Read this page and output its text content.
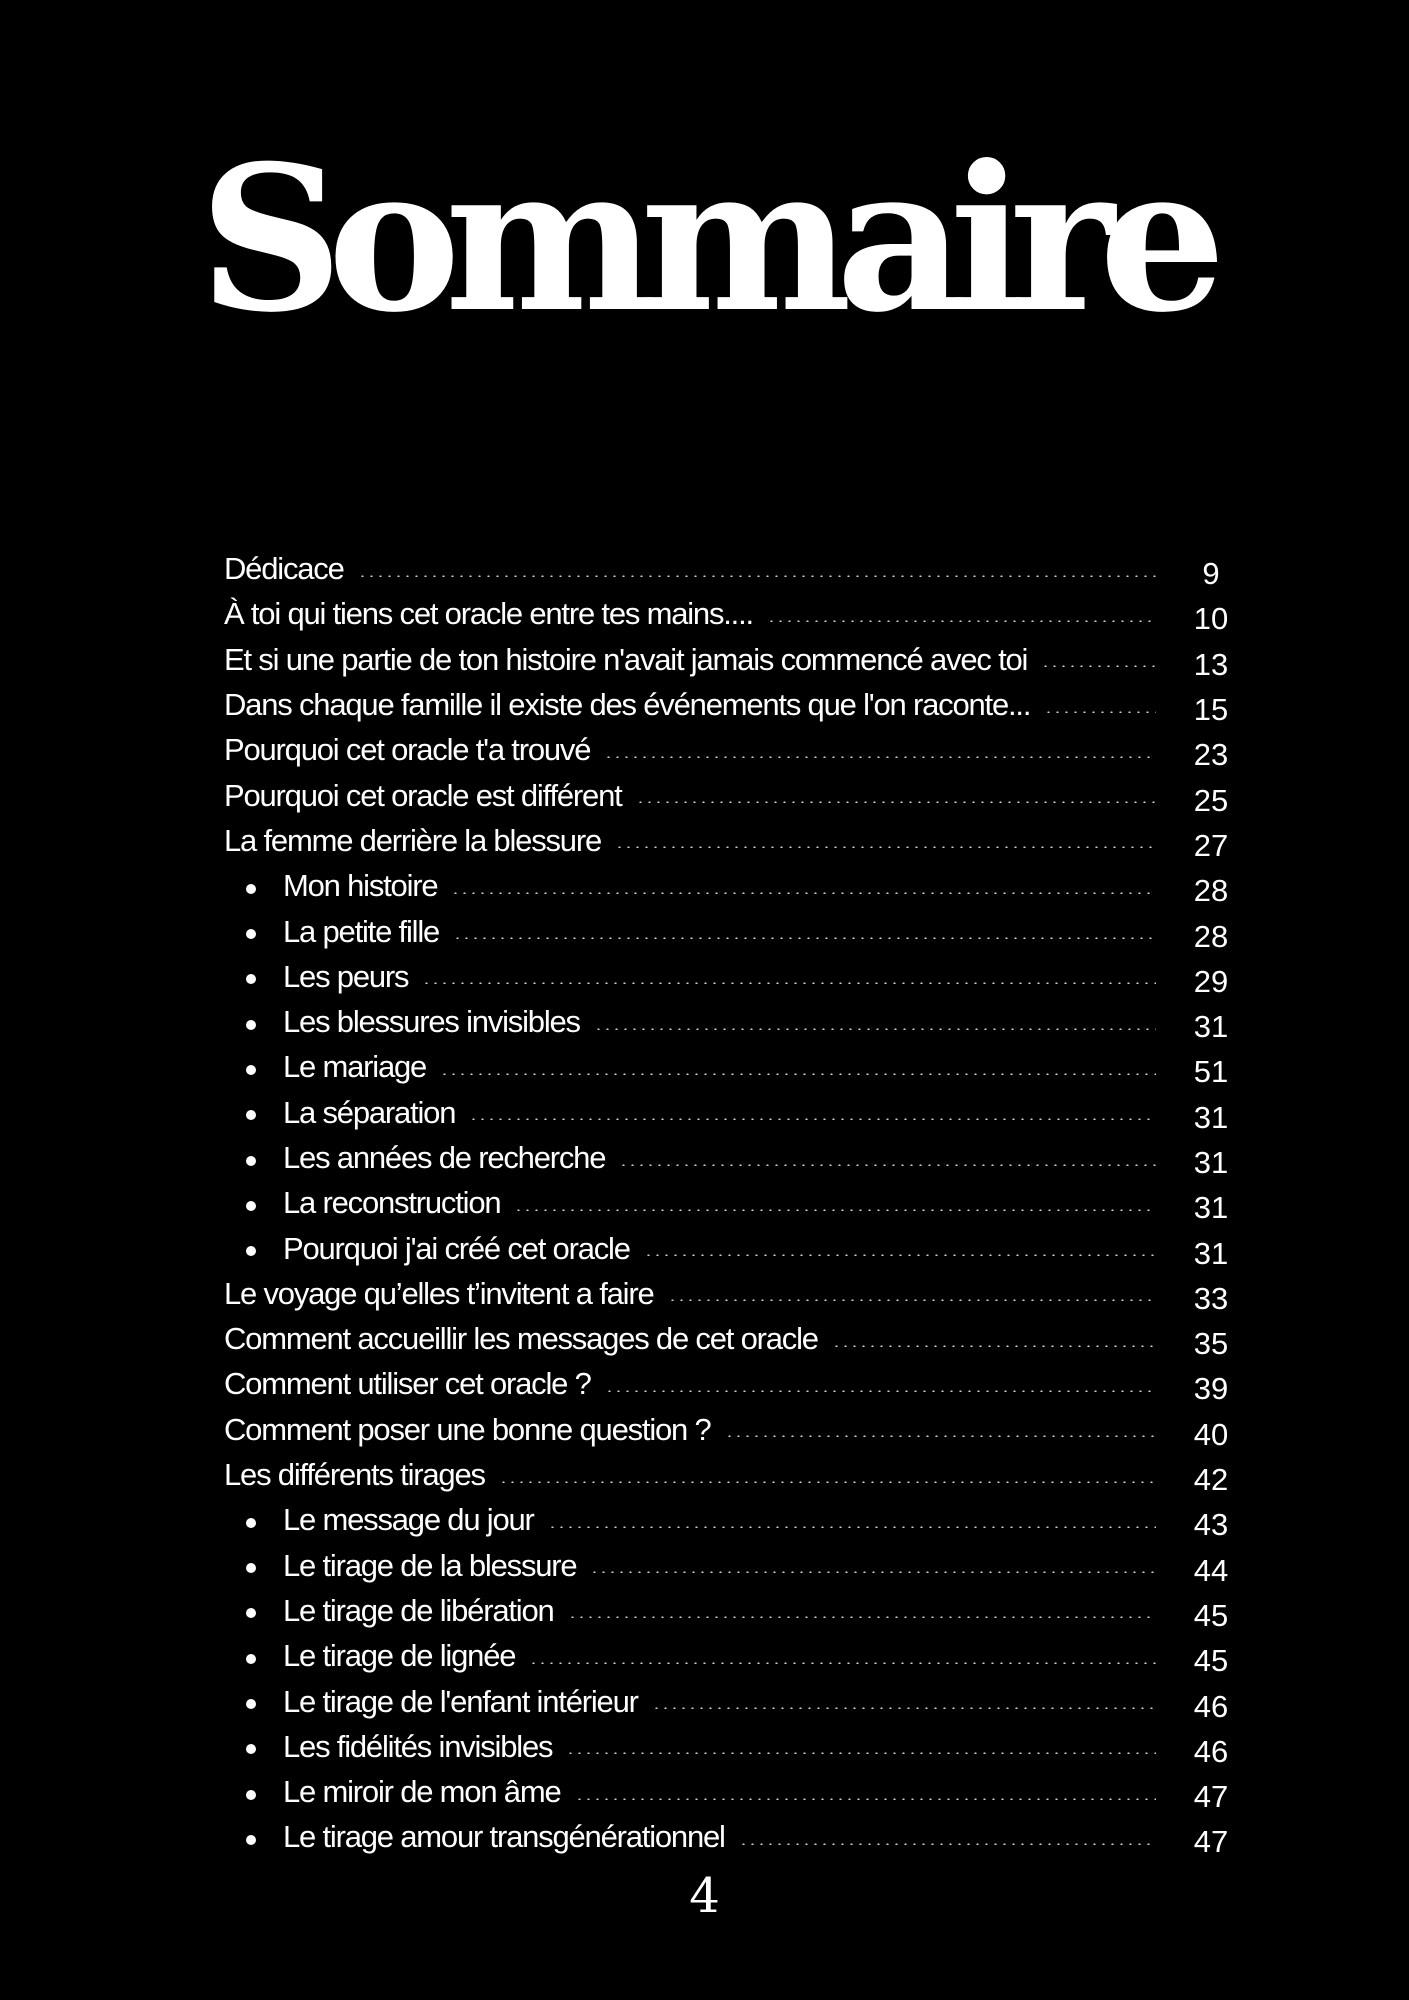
Sommaire
Dédicace	9
À toi qui tiens cet oracle entre tes mains....	10
Et si une partie de ton histoire n'avait jamais commencé avec toi	13
Dans chaque famille il existe des événements que l'on raconte...	15
Pourquoi cet oracle t'a trouvé	23
Pourquoi cet oracle est différent	25
La femme derrière la blessure	27
Mon histoire	28
La petite fille	28
Les peurs	29
Les blessures invisibles	31
Le mariage	51
La séparation	31
Les années de recherche	31
La reconstruction	31
Pourquoi j'ai créé cet oracle	31
Le voyage qu’elles t’invitent a faire	33
Comment accueillir les messages de cet oracle	35
Comment utiliser cet oracle ?	39
Comment poser une bonne question ?	40
Les différents tirages	42
Le message du jour	43
Le tirage de la blessure	44
Le tirage de libération	45
Le tirage de lignée	45
Le tirage de l'enfant intérieur	46
Les fidélités invisibles	46
Le miroir de mon âme	47
Le tirage amour transgénérationnel	47
4
